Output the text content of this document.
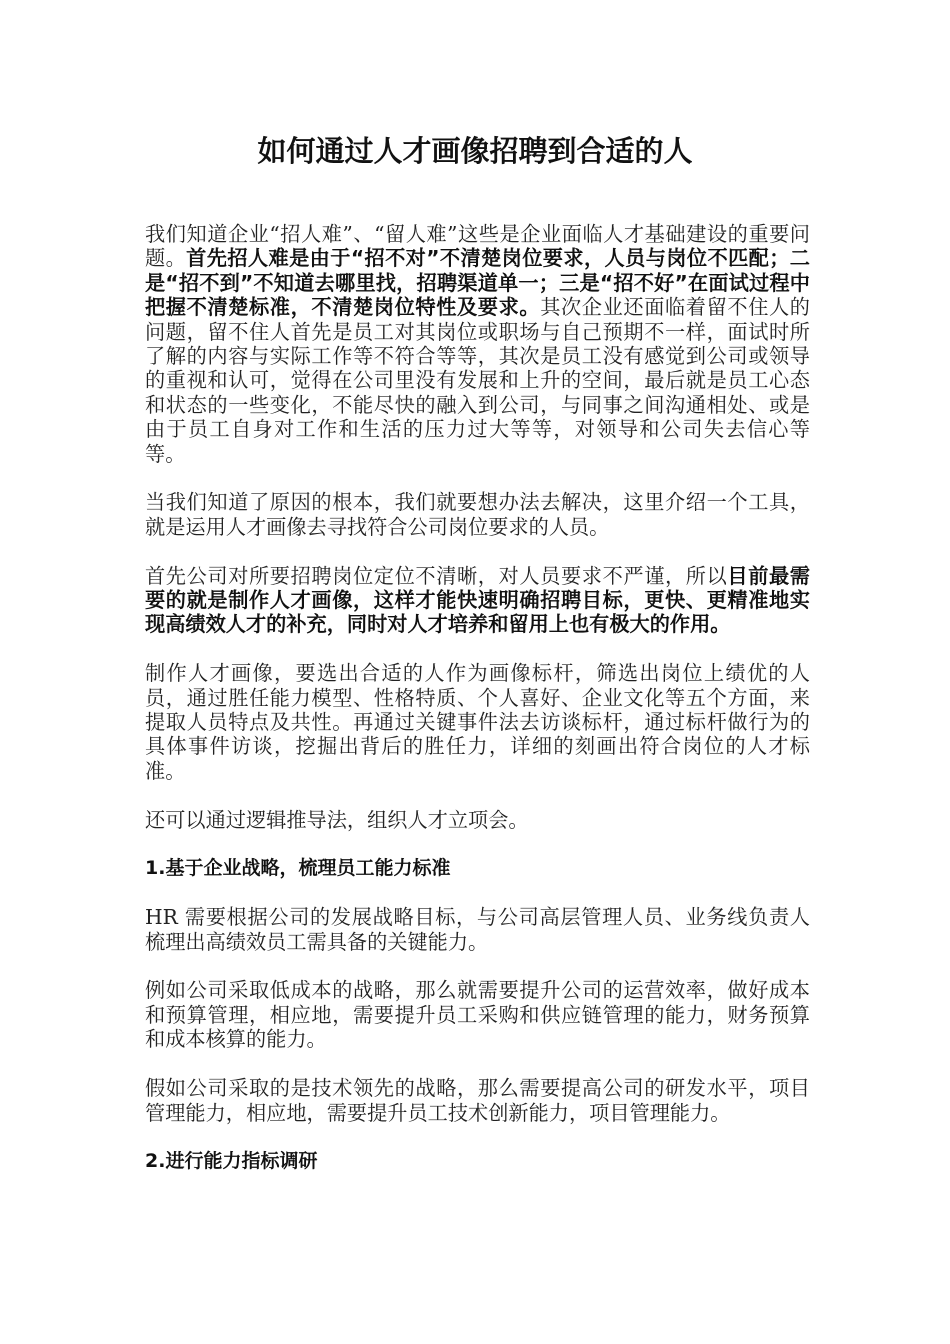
如何通过人才画像招聘到合适的人

我们知道企业“招人难”、“留人难”这些是企业面临人才基础建设的重要问题。首先招人难是由于“招不对”不清楚岗位要求，人员与岗位不匹配；二是“招不到”不知道去哪里找，招聘渠道单一；三是“招不好”在面试过程中把握不清楚标准，不清楚岗位特性及要求。其次企业还面临着留不住人的问题，留不住人首先是员工对其岗位或职场与自己预期不一样，面试时所了解的内容与实际工作等不符合等等，其次是员工没有感觉到公司或领导的重视和认可，觉得在公司里没有发展和上升的空间，最后就是员工心态和状态的一些变化，不能尽快的融入到公司，与同事之间沟通相处、或是由于员工自身对工作和生活的压力过大等等，对领导和公司失去信心等等。

当我们知道了原因的根本，我们就要想办法去解决，这里介绍一个工具，就是运用人才画像去寻找符合公司岗位要求的人员。

首先公司对所要招聘岗位定位不清晰，对人员要求不严谨，所以目前最需要的就是制作人才画像，这样才能快速明确招聘目标，更快、更精准地实现高绩效人才的补充，同时对人才培养和留用上也有极大的作用。

制作人才画像，要选出合适的人作为画像标杆，筛选出岗位上绩优的人员，通过胜任能力模型、性格特质、个人喜好、企业文化等五个方面，来提取人员特点及共性。再通过关键事件法去访谈标杆，通过标杆做行为的具体事件访谈，挖掘出背后的胜任力，详细的刻画出符合岗位的人才标准。

还可以通过逻辑推导法，组织人才立项会。

1.基于企业战略，梳理员工能力标准

HR 需要根据公司的发展战略目标，与公司高层管理人员、业务线负责人梳理出高绩效员工需具备的关键能力。

例如公司采取低成本的战略，那么就需要提升公司的运营效率，做好成本和预算管理，相应地，需要提升员工采购和供应链管理的能力，财务预算和成本核算的能力。

假如公司采取的是技术领先的战略，那么需要提高公司的研发水平，项目管理能力，相应地，需要提升员工技术创新能力，项目管理能力。

2.进行能力指标调研
